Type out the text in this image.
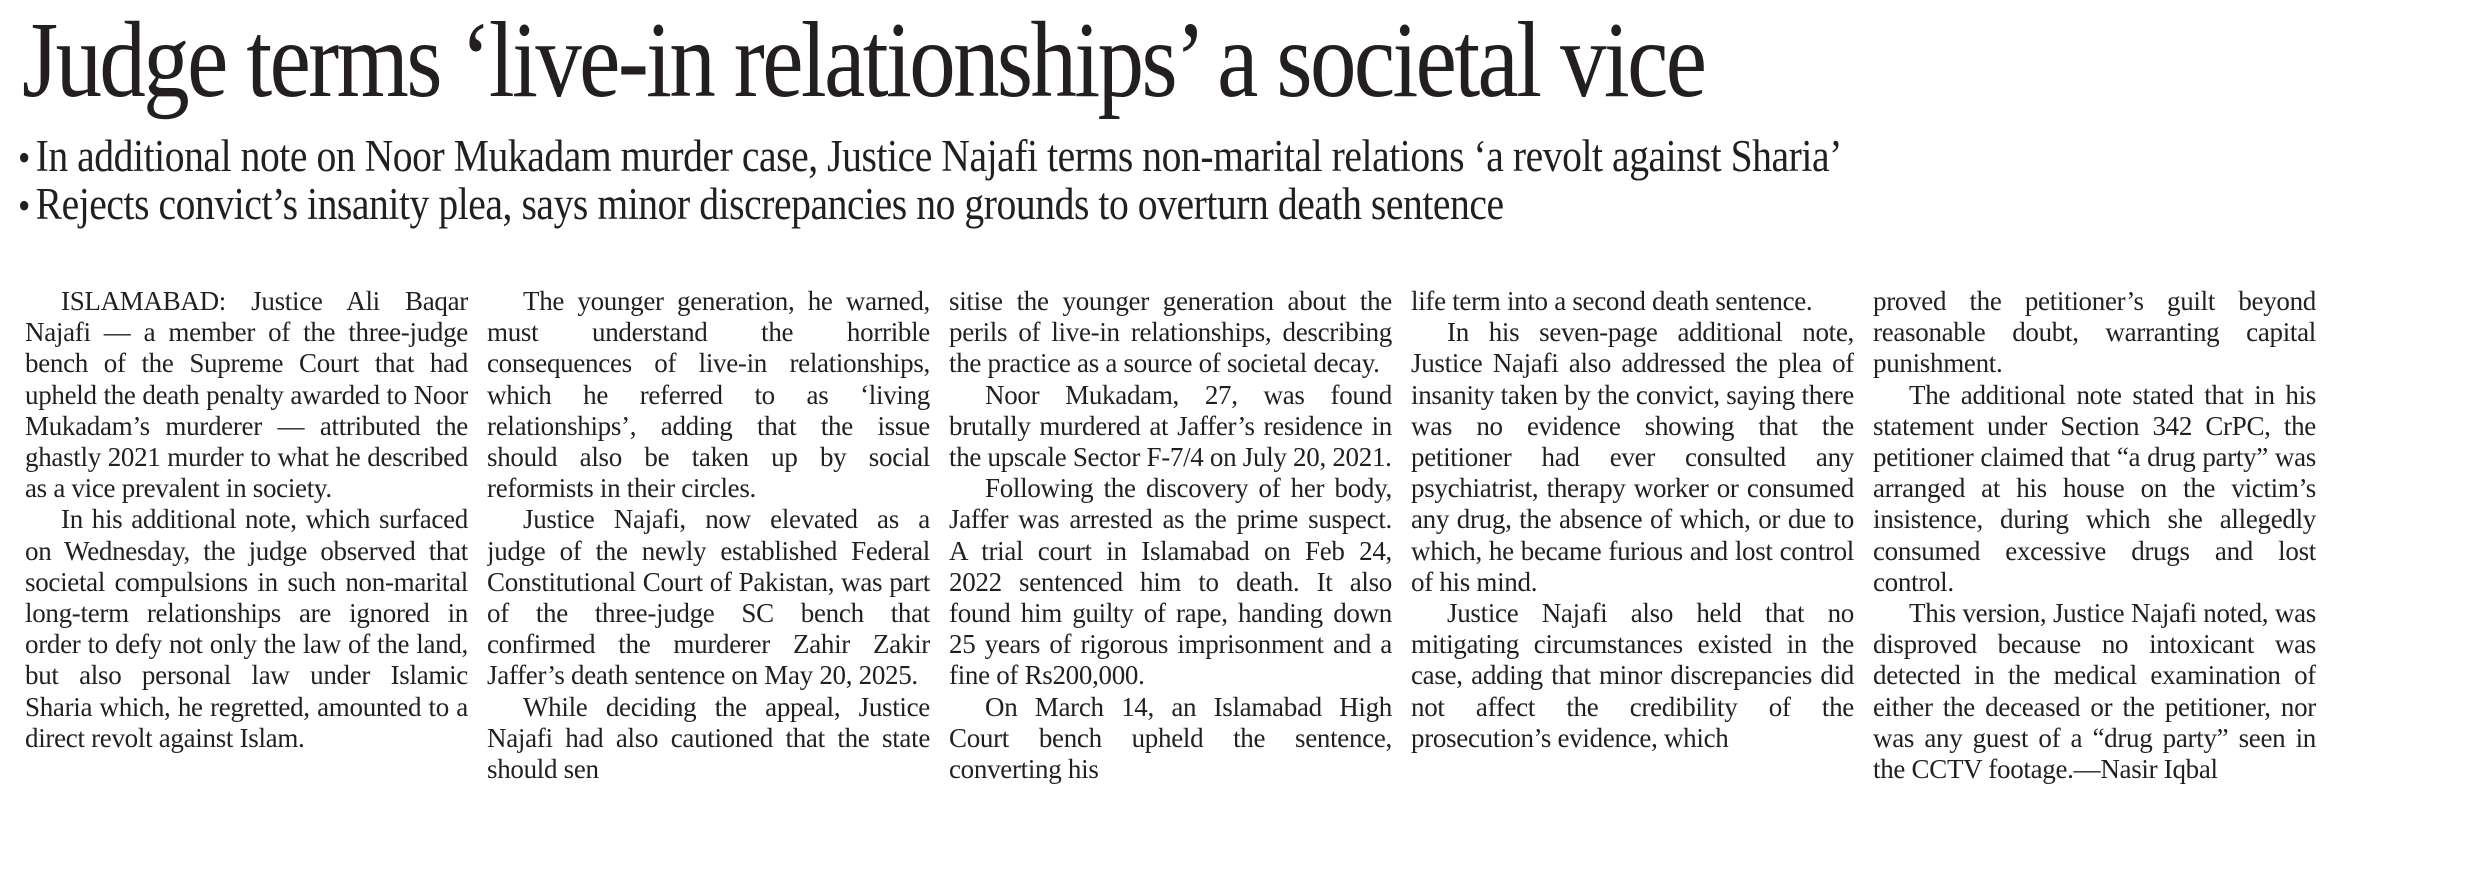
Judge terms ‘live-in relationships’ a societal vice
• In additional note on Noor Mukadam murder case, Justice Najafi terms non-marital relations ‘a revolt against Sharia’
• Rejects convict’s insanity plea, says minor discrepancies no grounds to overturn death sentence

ISLAMABAD: Justice Ali Baqar Najafi — a member of the three-judge bench of the Supreme Court that had upheld the death penalty awarded to Noor Mukadam’s murderer — attributed the ghastly 2021 murder to what he described as a vice prevalent in society.

In his additional note, which surfaced on Wednesday, the judge observed that societal compulsions in such non-marital long-term relationships are ignored in order to defy not only the law of the land, but also personal law under Islamic Sharia which, he regretted, amounted to a direct revolt against Islam.

The younger generation, he warned, must understand the horrible consequences of live-in relationships, which he referred to as ‘living relationships’, adding that the issue should also be taken up by social reformists in their circles.

Justice Najafi, now elevated as a judge of the newly established Federal Constitutional Court of Pakistan, was part of the three-judge SC bench that confirmed the murderer Zahir Zakir Jaffer’s death sentence on May 20, 2025.

While deciding the appeal, Justice Najafi had also cautioned that the state should sen

sitise the younger generation about the perils of live-in relationships, describing the practice as a source of societal decay.

Noor Mukadam, 27, was found brutally murdered at Jaffer’s residence in the upscale Sector F-7/4 on July 20, 2021.

Following the discovery of her body, Jaffer was arrested as the prime suspect. A trial court in Islamabad on Feb 24, 2022 sentenced him to death. It also found him guilty of rape, handing down 25 years of rigorous imprisonment and a fine of Rs200,000.

On March 14, an Islamabad High Court bench upheld the sentence, converting his

life term into a second death sentence.

In his seven-page additional note, Justice Najafi also addressed the plea of insanity taken by the convict, saying there was no evidence showing that the petitioner had ever consulted any psychiatrist, therapy worker or consumed any drug, the absence of which, or due to which, he became furious and lost control of his mind.

Justice Najafi also held that no mitigating circumstances existed in the case, adding that minor discrepancies did not affect the credibility of the prosecution’s evidence, which

proved the petitioner’s guilt beyond reasonable doubt, warranting capital punishment.

The additional note stated that in his statement under Section 342 CrPC, the petitioner claimed that “a drug party” was arranged at his house on the victim’s insistence, during which she allegedly consumed excessive drugs and lost control.

This version, Justice Najafi noted, was disproved because no intoxicant was detected in the medical examination of either the deceased or the petitioner, nor was any guest of a “drug party” seen in the CCTV footage.—Nasir Iqbal
